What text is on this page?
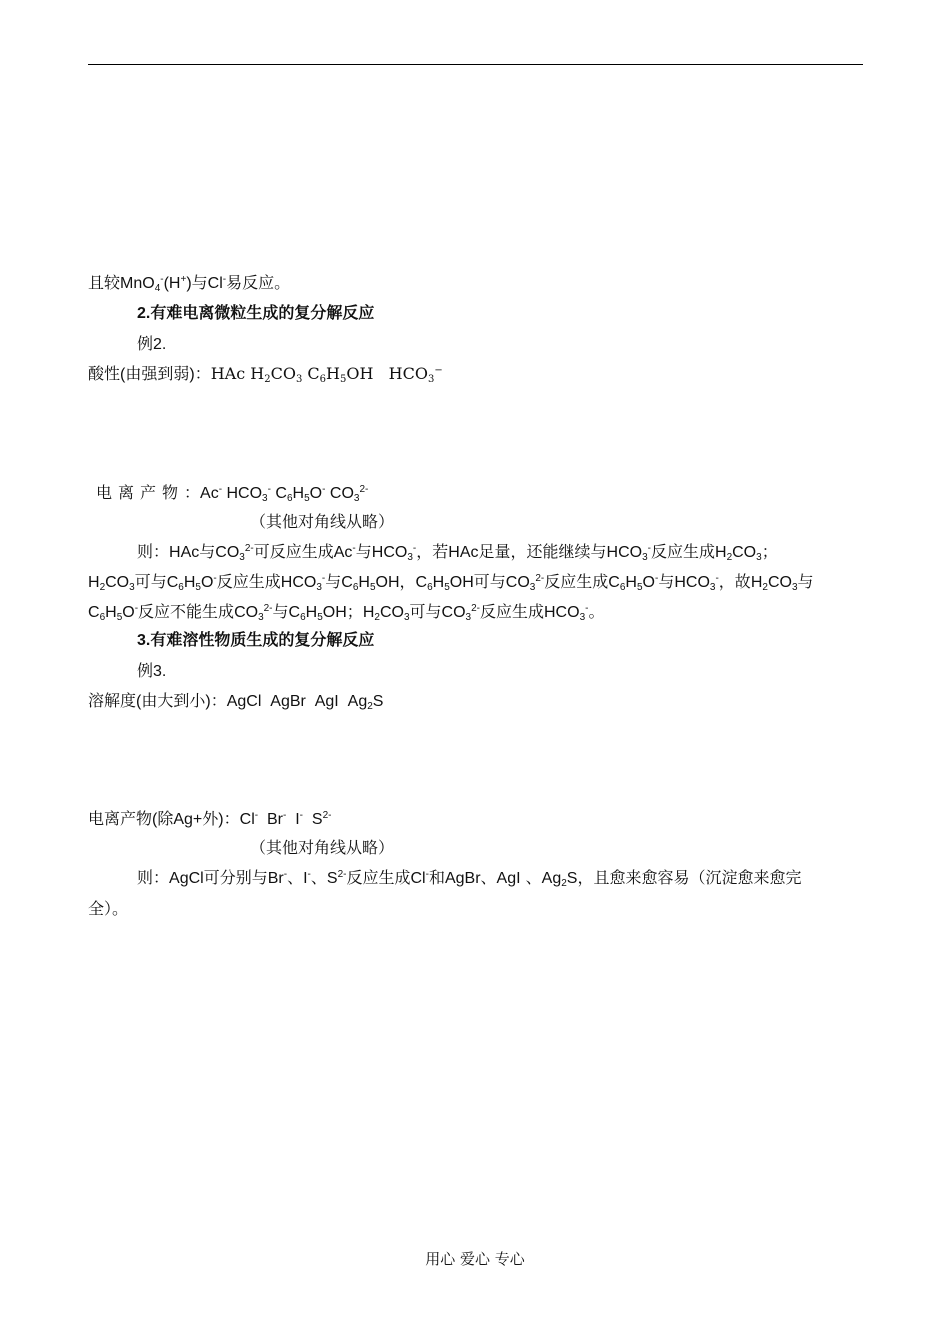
且较MnO$_4$-(H+)与Cl-易反应。
2.有难电离微粒生成的复分解反应
例2.
酸性(由强到弱)：HAc $H_2CO_3$ $C_6H_5OH$   $HCO_3^-$
电离产物：Ac- $HCO_3^-$ $C_6H_5O^-$ $CO_3^{2-}$
（其他对角线从略）
则：HAc与$CO_3^{2-}$可反应生成Ac-与$HCO_3^-$，若HAc足量，还能继续与$HCO_3^-$反应生成$H_2CO_3$；
$H_2CO_3$可与$C_6H_5O^-$反应生成$HCO_3^-$与$C_6H_5OH$，$C_6H_5OH$可与$CO_3^{2-}$反应生成$C_6H_5O^-$与$HCO_3^-$，故$H_2CO_3$与
$C_6H_5O^-$反应不能生成$CO_3^{2-}$与$C_6H_5OH$；$H_2CO_3$可与$CO_3^{2-}$反应生成$HCO_3^-$。
3.有难溶性物质生成的复分解反应
例3.
溶解度(由大到小)：AgCl  AgBr  AgI  $Ag_2S$
电离产物(除Ag+外)：Cl-  Br-  I-  $S^{2-}$
（其他对角线从略）
则：AgCl可分别与Br-、I-、$S^{2-}$反应生成Cl-和AgBr、AgI 、$Ag_2S$，且愈来愈容易（沉淀愈来愈完
全）。
用心 爱心 专心
